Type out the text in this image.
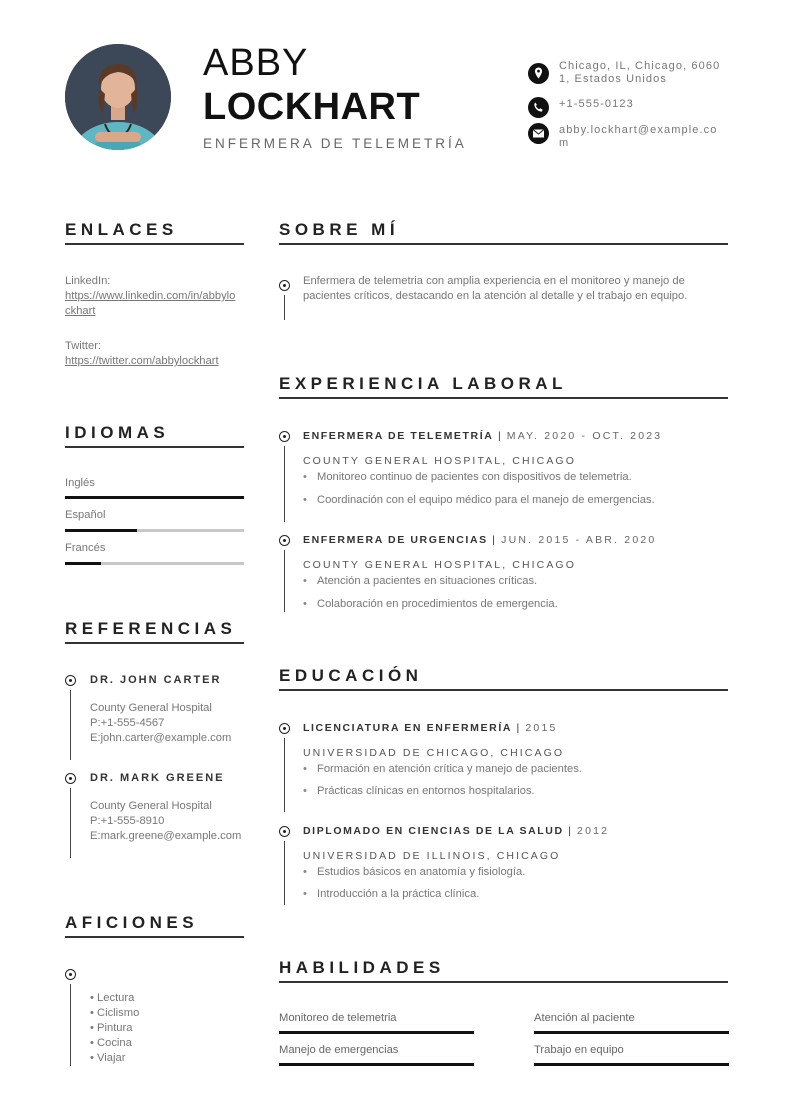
ABBY
LOCKHART
ENFERMERA DE TELEMETRÍA
Chicago, IL, Chicago, 60601, Estados Unidos
+1-555-0123
abby.lockhart@example.com
ENLACES
LinkedIn:
https://www.linkedin.com/in/abbylockhart
Twitter:
https://twitter.com/abbylockhart
IDIOMAS
Inglés
Español
Francés
REFERENCIAS
DR. JOHN CARTER
County General Hospital
P:+1-555-4567
E:john.carter@example.com
DR. MARK GREENE
County General Hospital
P:+1-555-8910
E:mark.greene@example.com
AFICIONES
• Lectura
• Ciclismo
• Pintura
• Cocina
• Viajar
SOBRE MÍ
Enfermera de telemetria con amplia experiencia en el monitoreo y manejo de pacientes críticos, destacando en la atención al detalle y el trabajo en equipo.
EXPERIENCIA LABORAL
ENFERMERA DE TELEMETRÍA | MAY. 2020 - OCT. 2023
COUNTY GENERAL HOSPITAL, CHICAGO
• Monitoreo continuo de pacientes con dispositivos de telemetria.
• Coordinación con el equipo médico para el manejo de emergencias.
ENFERMERA DE URGENCIAS | JUN. 2015 - ABR. 2020
COUNTY GENERAL HOSPITAL, CHICAGO
• Atención a pacientes en situaciones críticas.
• Colaboración en procedimientos de emergencia.
EDUCACIÓN
LICENCIATURA EN ENFERMERÍA | 2015
UNIVERSIDAD DE CHICAGO, CHICAGO
• Formación en atención crítica y manejo de pacientes.
• Prácticas clínicas en entornos hospitalarios.
DIPLOMADO EN CIENCIAS DE LA SALUD | 2012
UNIVERSIDAD DE ILLINOIS, CHICAGO
• Estudios básicos en anatomía y fisiología.
• Introducción a la práctica clínica.
HABILIDADES
Monitoreo de telemetria	Atención al paciente
Manejo de emergencias	Trabajo en equipo
